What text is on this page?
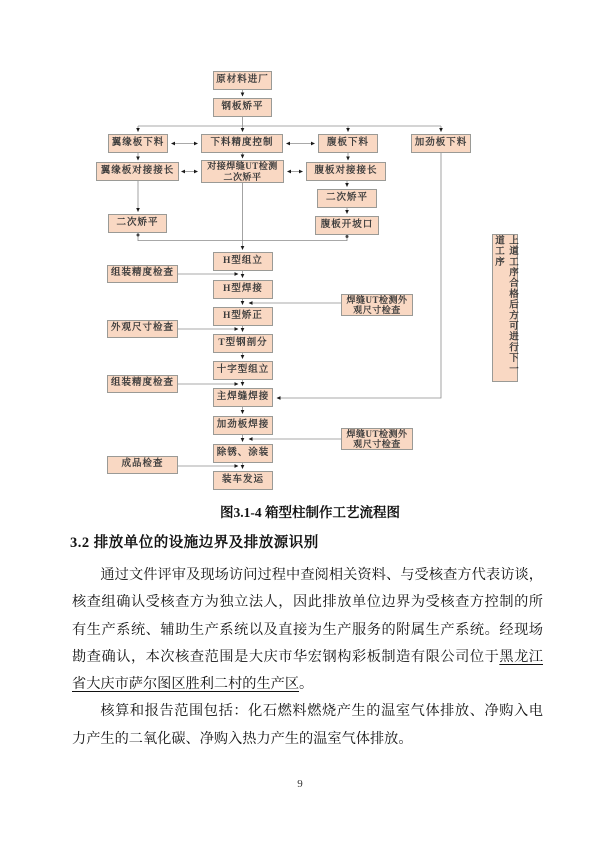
原材料进厂
钢板矫平
翼缘板下料	下料精度控制	腹板下料	加劲板下料
翼缘板对接接长	对接焊缝UT检测
二次矫平
腹板对接接长
二次矫平
腹板开坡口
二次矫平
H型组立
组装精度检查
H型焊接
焊缝UT检测外
观尺寸检查
H型矫正
外观尺寸检查
T型钢剖分
十字型组立
组装精度检查
主焊缝焊接
加劲板焊接
焊缝UT检测外
观尺寸检查
除锈、涂装
成品检查
装车发运
上道工序合格后方可进行下一道工序
图3.1-4 箱型柱制作工艺流程图
3.2 排放单位的设施边界及排放源识别
通过文件评审及现场访问过程中查阅相关资料、与受核查方代表访谈，
核查组确认受核查方为独立法人，因此排放单位边界为受核查方控制的所
有生产系统、辅助生产系统以及直接为生产服务的附属生产系统。经现场
勘查确认，本次核查范围是大庆市华宏钢构彩板制造有限公司位于黑龙江
省大庆市萨尔图区胜利二村的生产区。
核算和报告范围包括：化石燃料燃烧产生的温室气体排放、净购入电
力产生的二氧化碳、净购入热力产生的温室气体排放。
9
